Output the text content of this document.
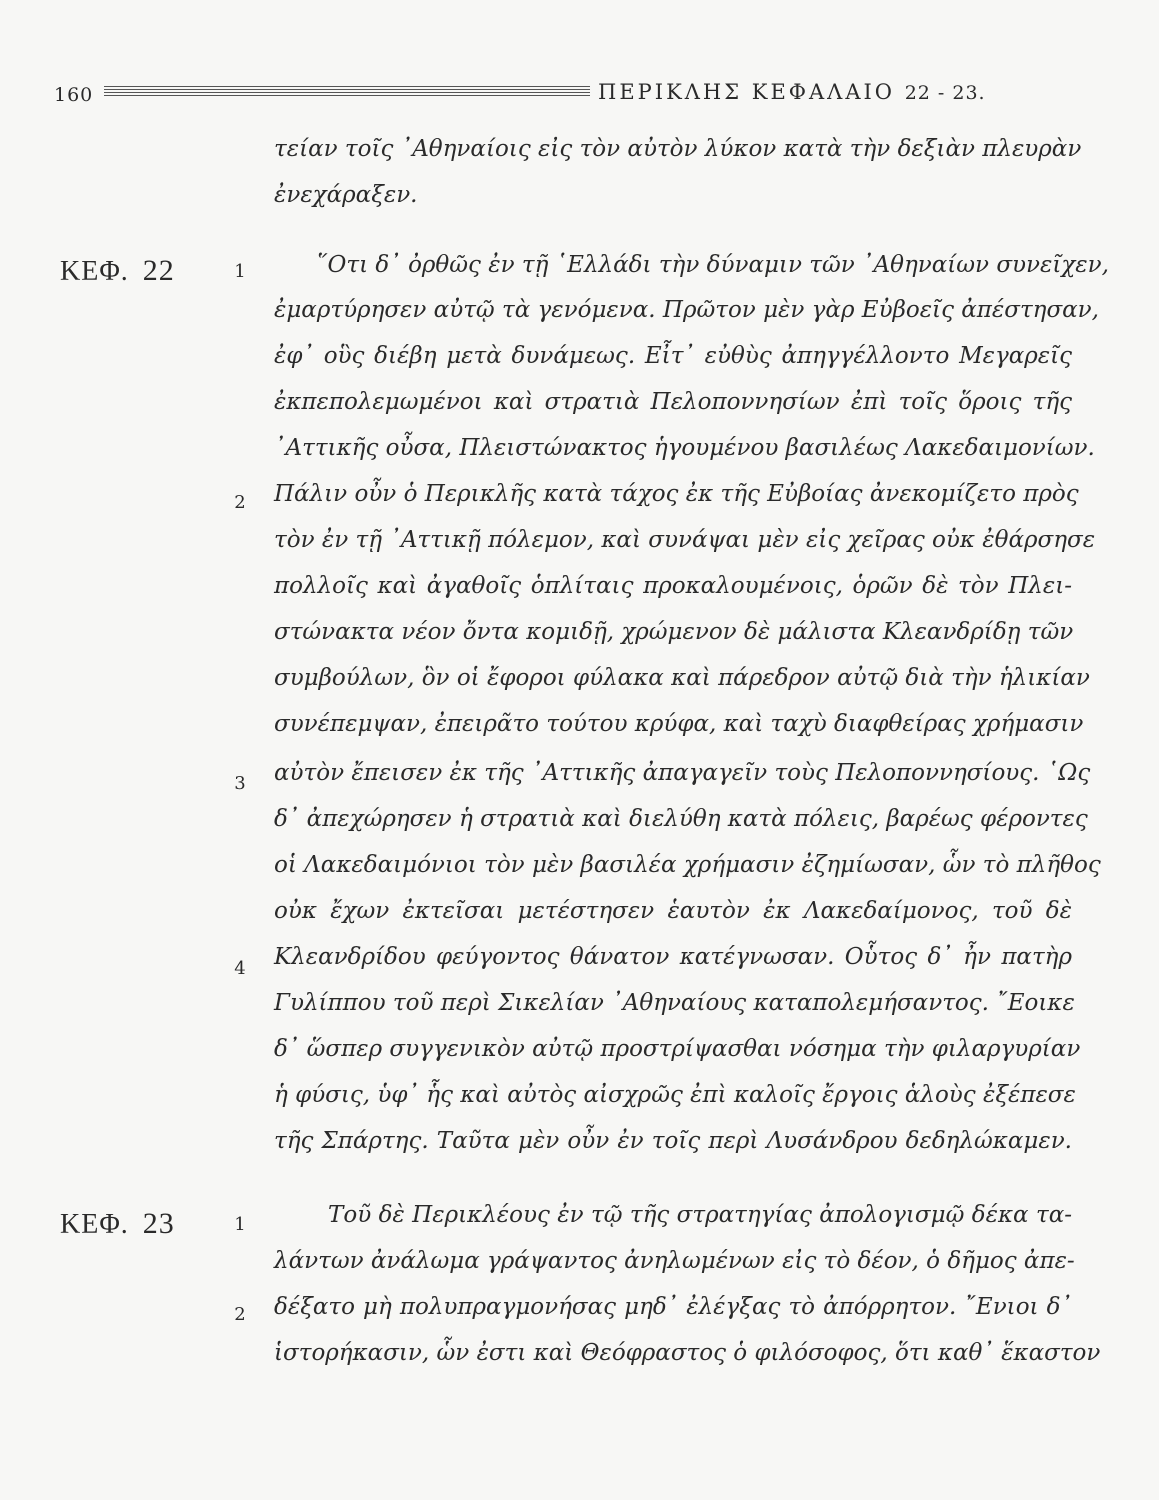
160	ΠΕΡΙΚΛΗΣ ΚΕΦΑΛΑΙΟ 22 - 23.
ΚΕΦ. 22
ΚΕΦ. 23
1
2
3
4
1
2
τείαν τοῖς ᾿Αθηναίοις εἰς τὸν αὐτὸν λύκον κατὰ τὴν δεξιὰν πλευρὰν
ἐνεχάραξεν.
῞Οτι δ᾿ ὀρθῶς ἐν τῇ ῾Ελλάδι τὴν δύναμιν τῶν ᾿Αθηναίων συνεῖχεν,
ἐμαρτύρησεν αὐτῷ τὰ γενόμενα. Πρῶτον μὲν γὰρ Εὐβοεῖς ἀπέστησαν,
ἐφ᾿ οὓς διέβη μετὰ δυνάμεως. Εἶτ᾿ εὐθὺς ἀπηγγέλλοντο Μεγαρεῖς
ἐκπεπολεμωμένοι καὶ στρατιὰ Πελοποννησίων ἐπὶ τοῖς ὅροις τῆς
᾿Αττικῆς οὖσα, Πλειστώνακτος ἡγουμένου βασιλέως Λακεδαιμονίων.
Πάλιν οὖν ὁ Περικλῆς κατὰ τάχος ἐκ τῆς Εὐβοίας ἀνεκομίζετο πρὸς
τὸν ἐν τῇ ᾿Αττικῇ πόλεμον, καὶ συνάψαι μὲν εἰς χεῖρας οὐκ ἐθάρσησε
πολλοῖς καὶ ἀγαθοῖς ὁπλίταις προκαλουμένοις, ὁρῶν δὲ τὸν Πλει-
στώνακτα νέον ὄντα κομιδῇ, χρώμενον δὲ μάλιστα Κλεανδρίδῃ τῶν
συμβούλων, ὃν οἱ ἔφοροι φύλακα καὶ πάρεδρον αὐτῷ διὰ τὴν ἡλικίαν
συνέπεμψαν, ἐπειρᾶτο τούτου κρύφα, καὶ ταχὺ διαφθείρας χρήμασιν
αὐτὸν ἔπεισεν ἐκ τῆς ᾿Αττικῆς ἀπαγαγεῖν τοὺς Πελοποννησίους. ῾Ως
δ᾿ ἀπεχώρησεν ἡ στρατιὰ καὶ διελύθη κατὰ πόλεις, βαρέως φέροντες
οἱ Λακεδαιμόνιοι τὸν μὲν βασιλέα χρήμασιν ἐζημίωσαν, ὧν τὸ πλῆθος
οὐκ ἔχων ἐκτεῖσαι μετέστησεν ἑαυτὸν ἐκ Λακεδαίμονος, τοῦ δὲ
Κλεανδρίδου φεύγοντος θάνατον κατέγνωσαν. Οὗτος δ᾿ ἦν πατὴρ
Γυλίππου τοῦ περὶ Σικελίαν ᾿Αθηναίους καταπολεμήσαντος. ῎Εοικε
δ᾿ ὥσπερ συγγενικὸν αὐτῷ προστρίψασθαι νόσημα τὴν φιλαργυρίαν
ἡ φύσις, ὑφ᾿ ἧς καὶ αὐτὸς αἰσχρῶς ἐπὶ καλοῖς ἔργοις ἁλοὺς ἐξέπεσε
τῆς Σπάρτης. Ταῦτα μὲν οὖν ἐν τοῖς περὶ Λυσάνδρου δεδηλώκαμεν.
Τοῦ δὲ Περικλέους ἐν τῷ τῆς στρατηγίας ἀπολογισμῷ δέκα τα-
λάντων ἀνάλωμα γράψαντος ἀνηλωμένων εἰς τὸ δέον, ὁ δῆμος ἀπε-
δέξατο μὴ πολυπραγμονήσας μηδ᾿ ἐλέγξας τὸ ἀπόρρητον. ῎Ενιοι δ᾿
ἱστορήκασιν, ὧν ἐστι καὶ Θεόφραστος ὁ φιλόσοφος, ὅτι καθ᾿ ἕκαστον
